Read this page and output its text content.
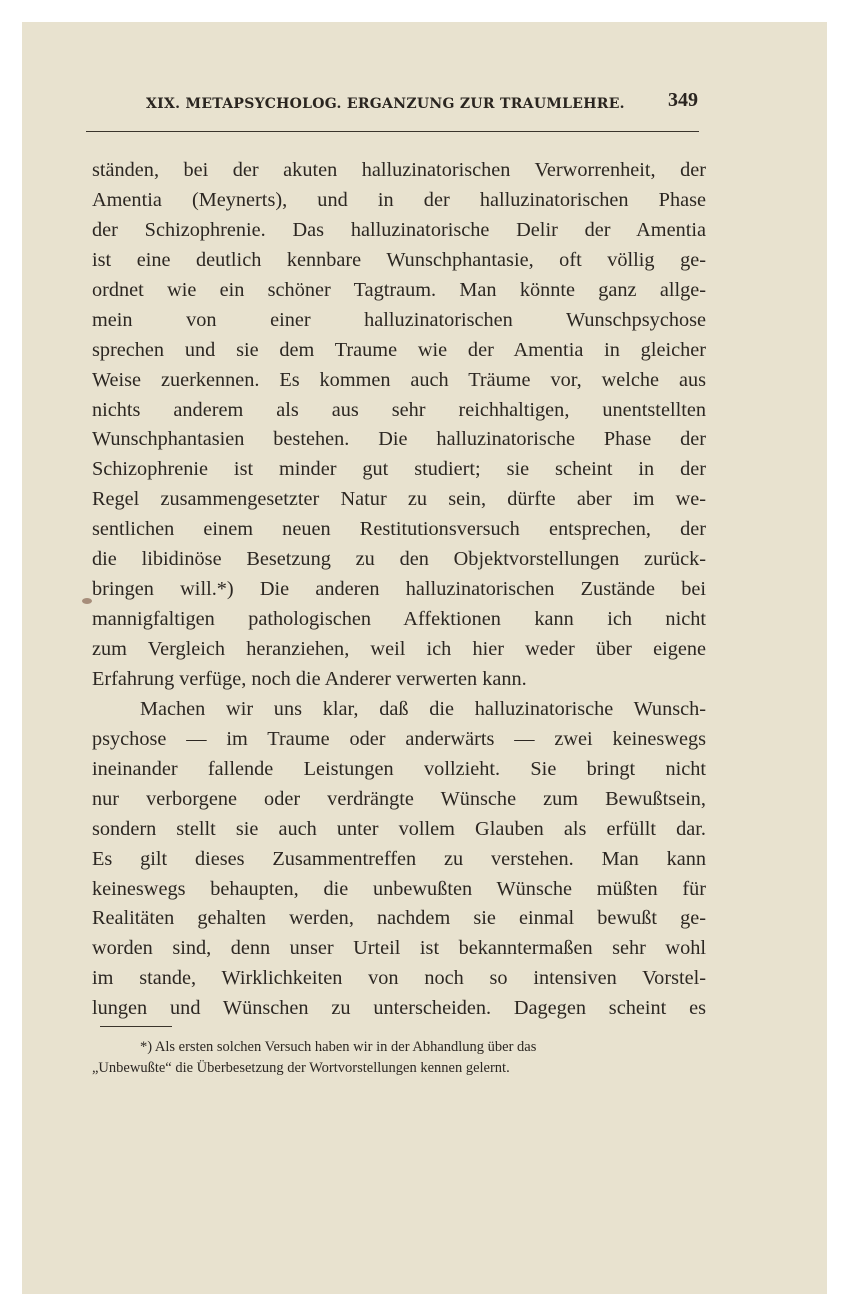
XIX. METAPSYCHOLOG. ERGANZUNG ZUR TRAUMLEHRE. 349
ständen, bei der akuten halluzinatorischen Verworrenheit, der
Amentia (Meynerts), und in der halluzinatorischen Phase
der Schizophrenie. Das halluzinatorische Delir der Amentia
ist eine deutlich kennbare Wunschphantasie, oft völlig ge-
ordnet wie ein schöner Tagtraum. Man könnte ganz allge-
mein von einer halluzinatorischen Wunschpsychose
sprechen und sie dem Traume wie der Amentia in gleicher
Weise zuerkennen. Es kommen auch Träume vor, welche aus
nichts anderem als aus sehr reichhaltigen, unentstellten
Wunschphantasien bestehen. Die halluzinatorische Phase der
Schizophrenie ist minder gut studiert; sie scheint in der
Regel zusammengesetzter Natur zu sein, dürfte aber im we-
sentlichen einem neuen Restitutionsversuch entsprechen, der
die libidinöse Besetzung zu den Objektvorstellungen zurück-
bringen will.*) Die anderen halluzinatorischen Zustände bei
mannigfaltigen pathologischen Affektionen kann ich nicht
zum Vergleich heranziehen, weil ich hier weder über eigene
Erfahrung verfüge, noch die Anderer verwerten kann.
Machen wir uns klar, daß die halluzinatorische Wunsch-
psychose — im Traume oder anderwärts — zwei keineswegs
ineinander fallende Leistungen vollzieht. Sie bringt nicht
nur verborgene oder verdrängte Wünsche zum Bewußtsein,
sondern stellt sie auch unter vollem Glauben als erfüllt dar.
Es gilt dieses Zusammentreffen zu verstehen. Man kann
keineswegs behaupten, die unbewußten Wünsche müßten für
Realitäten gehalten werden, nachdem sie einmal bewußt ge-
worden sind, denn unser Urteil ist bekanntermaßen sehr wohl
im stande, Wirklichkeiten von noch so intensiven Vorstel-
lungen und Wünschen zu unterscheiden. Dagegen scheint es
*) Als ersten solchen Versuch haben wir in der Abhandlung über das
„Unbewußte“ die Überbesetzung der Wortvorstellungen kennen gelernt.
